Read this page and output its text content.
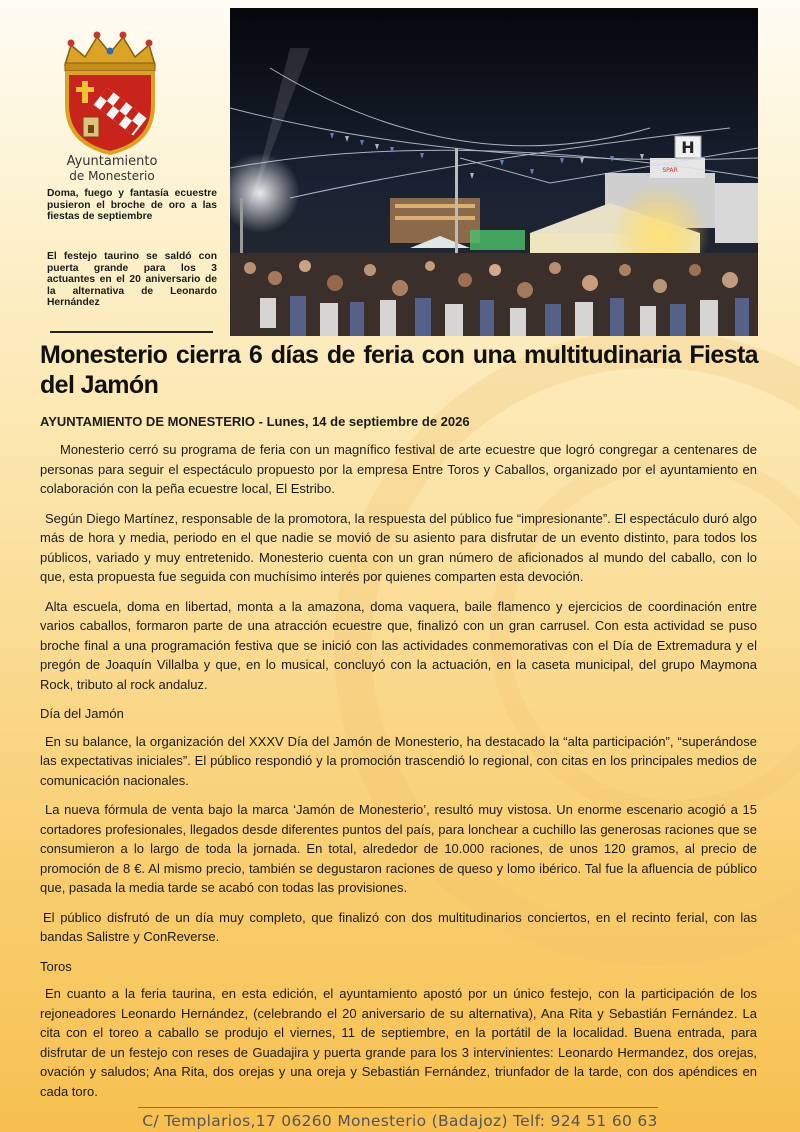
Ayuntamiento
de Monesterio
Doma, fuego y fantasía ecuestre pusieron el broche de oro a las fiestas de septiembre
El festejo taurino se saldó con puerta grande para los 3 actuantes en el 20 aniversario de la alternativa de Leonardo Hernández
H
SPAR
Monesterio cierra 6 días de feria con una multitudinaria Fiesta del Jamón
AYUNTAMIENTO DE MONESTERIO - Lunes, 14 de septiembre de 2026

Monesterio cerró su programa de feria con un magnífico festival de arte ecuestre que logró congregar a centenares de personas para seguir el espectáculo propuesto por la empresa Entre Toros y Caballos, organizado por el ayuntamiento en colaboración con la peña ecuestre local, El Estribo.

Según Diego Martínez, responsable de la promotora, la respuesta del público fue “impresionante”. El espectáculo duró algo más de hora y media, periodo en el que nadie se movió de su asiento para disfrutar de un evento distinto, para todos los públicos, variado y muy entretenido. Monesterio cuenta con un gran número de aficionados al mundo del caballo, con lo que, esta propuesta fue seguida con muchísimo interés por quienes comparten esta devoción.

Alta escuela, doma en libertad, monta a la amazona, doma vaquera, baile flamenco y ejercicios de coordinación entre varios caballos, formaron parte de una atracción ecuestre que, finalizó con un gran carrusel. Con esta actividad se puso broche final a una programación festiva que se inició con las actividades conmemorativas con el Día de Extremadura y el pregón de Joaquín Villalba y que, en lo musical, concluyó con la actuación, en la caseta municipal, del grupo Maymona Rock, tributo al rock andaluz.

Día del Jamón

En su balance, la organización del XXXV Día del Jamón de Monesterio, ha destacado la “alta participación”, “superándose las expectativas iniciales”. El público respondió y la promoción trascendió lo regional, con citas en los principales medios de comunicación nacionales.

La nueva fórmula de venta bajo la marca ‘Jamón de Monesterio’, resultó muy vistosa. Un enorme escenario acogió a 15 cortadores profesionales, llegados desde diferentes puntos del país, para lonchear a cuchillo las generosas raciones que se consumieron a lo largo de toda la jornada. En total, alrededor de 10.000 raciones, de unos 120 gramos, al precio de promoción de 8 €. Al mismo precio, también se degustaron raciones de queso y lomo ibérico. Tal fue la afluencia de público que, pasada la media tarde se acabó con todas las provisiones.

El público disfrutó de un día muy completo, que finalizó con dos multitudinarios conciertos, en el recinto ferial, con las bandas Salistre y ConReverse.

Toros

En cuanto a la feria taurina, en esta edición, el ayuntamiento apostó por un único festejo, con la participación de los rejoneadores Leonardo Hernández, (celebrando el 20 aniversario de su alternativa), Ana Rita y Sebastián Fernández. La cita con el toreo a caballo se produjo el viernes, 11 de septiembre, en la portátil de la localidad. Buena entrada, para disfrutar de un festejo con reses de Guadajira y puerta grande para los 3 intervinientes: Leonardo Hermandez, dos orejas, ovación y saludos; Ana Rita, dos orejas y una oreja y Sebastián Fernández, triunfador de la tarde, con dos apéndices en cada toro.

C/ Templarios,17 06260 Monesterio (Badajoz) Telf: 924 51 60 63
